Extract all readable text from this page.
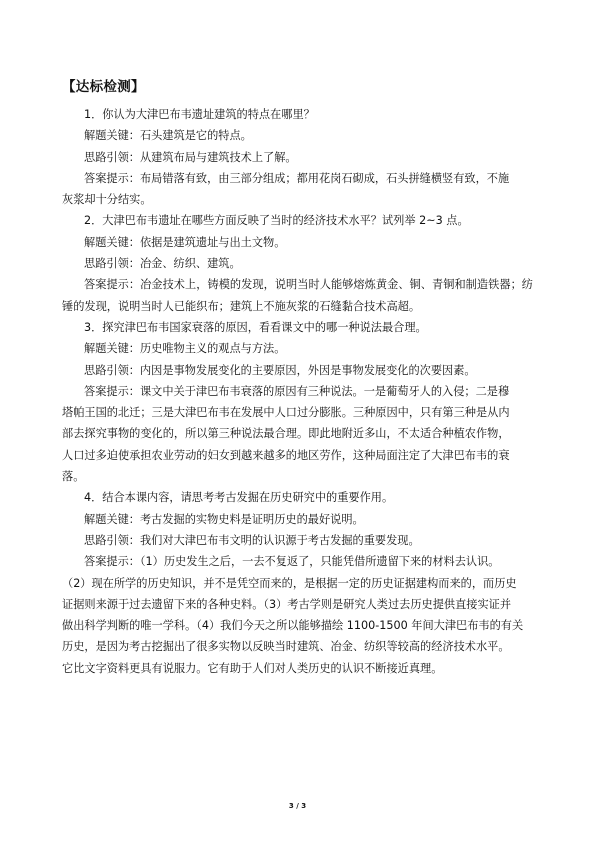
【达标检测】
1．你认为大津巴布韦遗址建筑的特点在哪里？
解题关键：石头建筑是它的特点。
思路引领：从建筑布局与建筑技术上了解。
答案提示：布局错落有致，由三部分组成；都用花岗石砌成，石头拼缝横竖有致，不施
灰浆却十分结实。
2．大津巴布韦遗址在哪些方面反映了当时的经济技术水平？试列举 2~3 点。
解题关键：依据是建筑遗址与出土文物。
思路引领：冶金、纺织、建筑。
答案提示：冶金技术上，铸模的发现，说明当时人能够熔炼黄金、铜、青铜和制造铁器；纺锤的发现，说明当时人已能织布；建筑上不施灰浆的石缝黏合技术高超。
3．探究津巴布韦国家衰落的原因，看看课文中的哪一种说法最合理。
解题关键：历史唯物主义的观点与方法。
思路引领：内因是事物发展变化的主要原因，外因是事物发展变化的次要因素。
答案提示：课文中关于津巴布韦衰落的原因有三种说法。一是葡萄牙人的入侵；二是穆
塔帕王国的北迁；三是大津巴布韦在发展中人口过分膨胀。三种原因中，只有第三种是从内
部去探究事物的变化的，所以第三种说法最合理。即此地附近多山，不太适合种植农作物，
人口过多迫使承担农业劳动的妇女到越来越多的地区劳作，这种局面注定了大津巴布韦的衰
落。
4．结合本课内容，请思考考古发掘在历史研究中的重要作用。
解题关键：考古发掘的实物史料是证明历史的最好说明。
思路引领：我们对大津巴布韦文明的认识源于考古发掘的重要发现。
答案提示：（1）历史发生之后，一去不复返了，只能凭借所遗留下来的材料去认识。
（2）现在所学的历史知识，并不是凭空而来的，是根据一定的历史证据建构而来的，而历史
证据则来源于过去遗留下来的各种史料。（3）考古学则是研究人类过去历史提供直接实证并
做出科学判断的唯一学科。（4）我们今天之所以能够描绘 1100-1500 年间大津巴布韦的有关
历史，是因为考古挖掘出了很多实物以反映当时建筑、冶金、纺织等较高的经济技术水平。
它比文字资料更具有说服力。它有助于人们对人类历史的认识不断接近真理。
3 / 3
